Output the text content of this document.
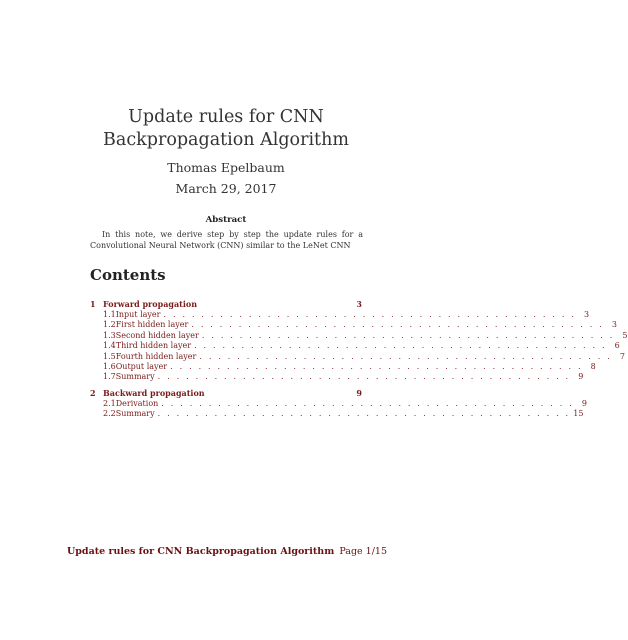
Update rules for CNN Backpropagation Algorithm
Thomas Epelbaum
March 29, 2017
Abstract
In this note, we derive step by step the update rules for a Convolutional Neural Network (CNN) similar to the LeNet CNN
Contents
1 Forward propagation	3
1.1 Input layer . . . . . . . . . . . . . . . . . . . . . . . . . . . . . . . . . . . . . . . . . . . . 3
1.2 First hidden layer . . . . . . . . . . . . . . . . . . . . . . . . . . . . . . . . . . . . . . . . . . . . 3
1.3 Second hidden layer . . . . . . . . . . . . . . . . . . . . . . . . . . . . . . . . . . . . . . . . . . . . 5
1.4 Third hidden layer . . . . . . . . . . . . . . . . . . . . . . . . . . . . . . . . . . . . . . . . . . . . 6
1.5 Fourth hidden layer . . . . . . . . . . . . . . . . . . . . . . . . . . . . . . . . . . . . . . . . . . . . 7
1.6 Output layer . . . . . . . . . . . . . . . . . . . . . . . . . . . . . . . . . . . . . . . . . . . . 8
1.7 Summary . . . . . . . . . . . . . . . . . . . . . . . . . . . . . . . . . . . . . . . . . . . . 9
2 Backward propagation	9
2.1 Derivation . . . . . . . . . . . . . . . . . . . . . . . . . . . . . . . . . . . . . . . . . . . . 9
2.2 Summary . . . . . . . . . . . . . . . . . . . . . . . . . . . . . . . . . . . . . . . . . . . . 15
Update rules for CNN Backpropagation Algorithm Page 1/15
